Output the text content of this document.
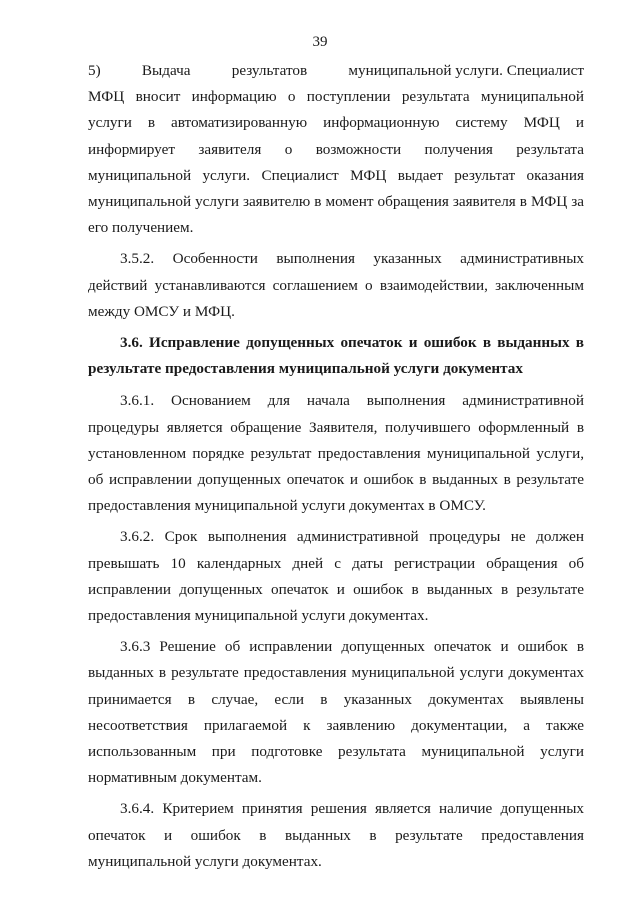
39
5)	Выдача	результатов	муниципальной услуги. Специалист

МФЦ вносит информацию о поступлении результата муниципальной услуги в автоматизированную информационную систему МФЦ и информирует заявителя о возможности получения результата муниципальной услуги. Специалист МФЦ выдает результат оказания муниципальной услуги заявителю в момент обращения заявителя в МФЦ за его получением.

3.5.2. Особенности выполнения указанных административных действий устанавливаются соглашением о взаимодействии, заключенным между ОМСУ и МФЦ.

3.6. Исправление допущенных опечаток и ошибок в выданных в результате предоставления муниципальной услуги документах

3.6.1. Основанием для начала выполнения административной процедуры является обращение Заявителя, получившего оформленный в установленном порядке результат предоставления муниципальной услуги, об исправлении допущенных опечаток и ошибок в выданных в результате предоставления муниципальной услуги документах в ОМСУ.

3.6.2. Срок выполнения административной процедуры не должен превышать 10 календарных дней с даты регистрации обращения об исправлении допущенных опечаток и ошибок в выданных в результате предоставления муниципальной услуги документах.

3.6.3 Решение об исправлении допущенных опечаток и ошибок в выданных в результате предоставления муниципальной услуги документах принимается в случае, если в указанных документах выявлены несоответствия прилагаемой к заявлению документации, а также использованным при подготовке результата муниципальной услуги нормативным документам.

3.6.4. Критерием принятия решения является наличие допущенных опечаток и ошибок в выданных в результате предоставления муниципальной услуги документах.
